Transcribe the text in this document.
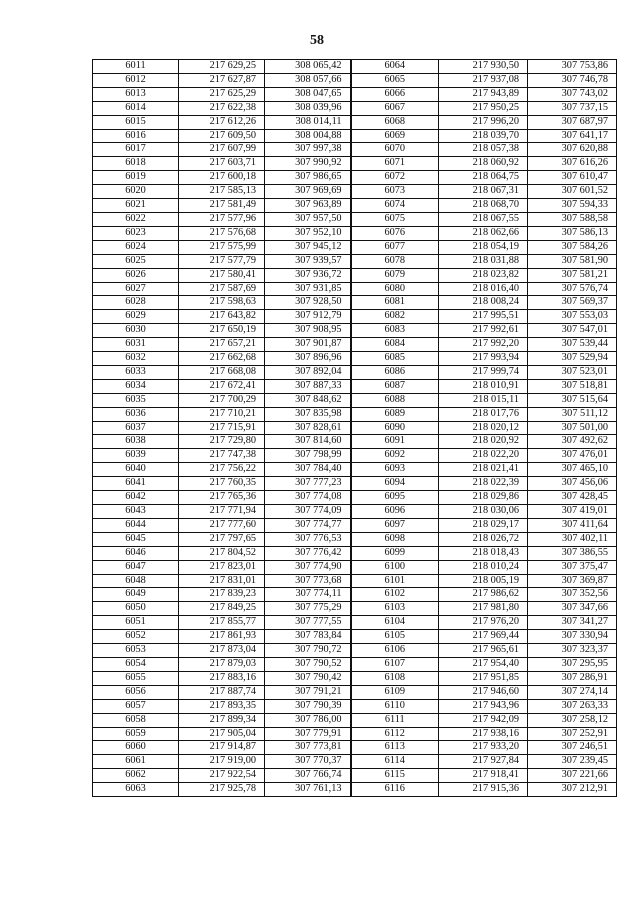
58
6011	217 629,25	308 065,42	6064	217 930,50	307 753,86
6012	217 627,87	308 057,66	6065	217 937,08	307 746,78
6013	217 625,29	308 047,65	6066	217 943,89	307 743,02
6014	217 622,38	308 039,96	6067	217 950,25	307 737,15
6015	217 612,26	308 014,11	6068	217 996,20	307 687,97
6016	217 609,50	308 004,88	6069	218 039,70	307 641,17
6017	217 607,99	307 997,38	6070	218 057,38	307 620,88
6018	217 603,71	307 990,92	6071	218 060,92	307 616,26
6019	217 600,18	307 986,65	6072	218 064,75	307 610,47
6020	217 585,13	307 969,69	6073	218 067,31	307 601,52
6021	217 581,49	307 963,89	6074	218 068,70	307 594,33
6022	217 577,96	307 957,50	6075	218 067,55	307 588,58
6023	217 576,68	307 952,10	6076	218 062,66	307 586,13
6024	217 575,99	307 945,12	6077	218 054,19	307 584,26
6025	217 577,79	307 939,57	6078	218 031,88	307 581,90
6026	217 580,41	307 936,72	6079	218 023,82	307 581,21
6027	217 587,69	307 931,85	6080	218 016,40	307 576,74
6028	217 598,63	307 928,50	6081	218 008,24	307 569,37
6029	217 643,82	307 912,79	6082	217 995,51	307 553,03
6030	217 650,19	307 908,95	6083	217 992,61	307 547,01
6031	217 657,21	307 901,87	6084	217 992,20	307 539,44
6032	217 662,68	307 896,96	6085	217 993,94	307 529,94
6033	217 668,08	307 892,04	6086	217 999,74	307 523,01
6034	217 672,41	307 887,33	6087	218 010,91	307 518,81
6035	217 700,29	307 848,62	6088	218 015,11	307 515,64
6036	217 710,21	307 835,98	6089	218 017,76	307 511,12
6037	217 715,91	307 828,61	6090	218 020,12	307 501,00
6038	217 729,80	307 814,60	6091	218 020,92	307 492,62
6039	217 747,38	307 798,99	6092	218 022,20	307 476,01
6040	217 756,22	307 784,40	6093	218 021,41	307 465,10
6041	217 760,35	307 777,23	6094	218 022,39	307 456,06
6042	217 765,36	307 774,08	6095	218 029,86	307 428,45
6043	217 771,94	307 774,09	6096	218 030,06	307 419,01
6044	217 777,60	307 774,77	6097	218 029,17	307 411,64
6045	217 797,65	307 776,53	6098	218 026,72	307 402,11
6046	217 804,52	307 776,42	6099	218 018,43	307 386,55
6047	217 823,01	307 774,90	6100	218 010,24	307 375,47
6048	217 831,01	307 773,68	6101	218 005,19	307 369,87
6049	217 839,23	307 774,11	6102	217 986,62	307 352,56
6050	217 849,25	307 775,29	6103	217 981,80	307 347,66
6051	217 855,77	307 777,55	6104	217 976,20	307 341,27
6052	217 861,93	307 783,84	6105	217 969,44	307 330,94
6053	217 873,04	307 790,72	6106	217 965,61	307 323,37
6054	217 879,03	307 790,52	6107	217 954,40	307 295,95
6055	217 883,16	307 790,42	6108	217 951,85	307 286,91
6056	217 887,74	307 791,21	6109	217 946,60	307 274,14
6057	217 893,35	307 790,39	6110	217 943,96	307 263,33
6058	217 899,34	307 786,00	6111	217 942,09	307 258,12
6059	217 905,04	307 779,91	6112	217 938,16	307 252,91
6060	217 914,87	307 773,81	6113	217 933,20	307 246,51
6061	217 919,00	307 770,37	6114	217 927,84	307 239,45
6062	217 922,54	307 766,74	6115	217 918,41	307 221,66
6063	217 925,78	307 761,13	6116	217 915,36	307 212,91
